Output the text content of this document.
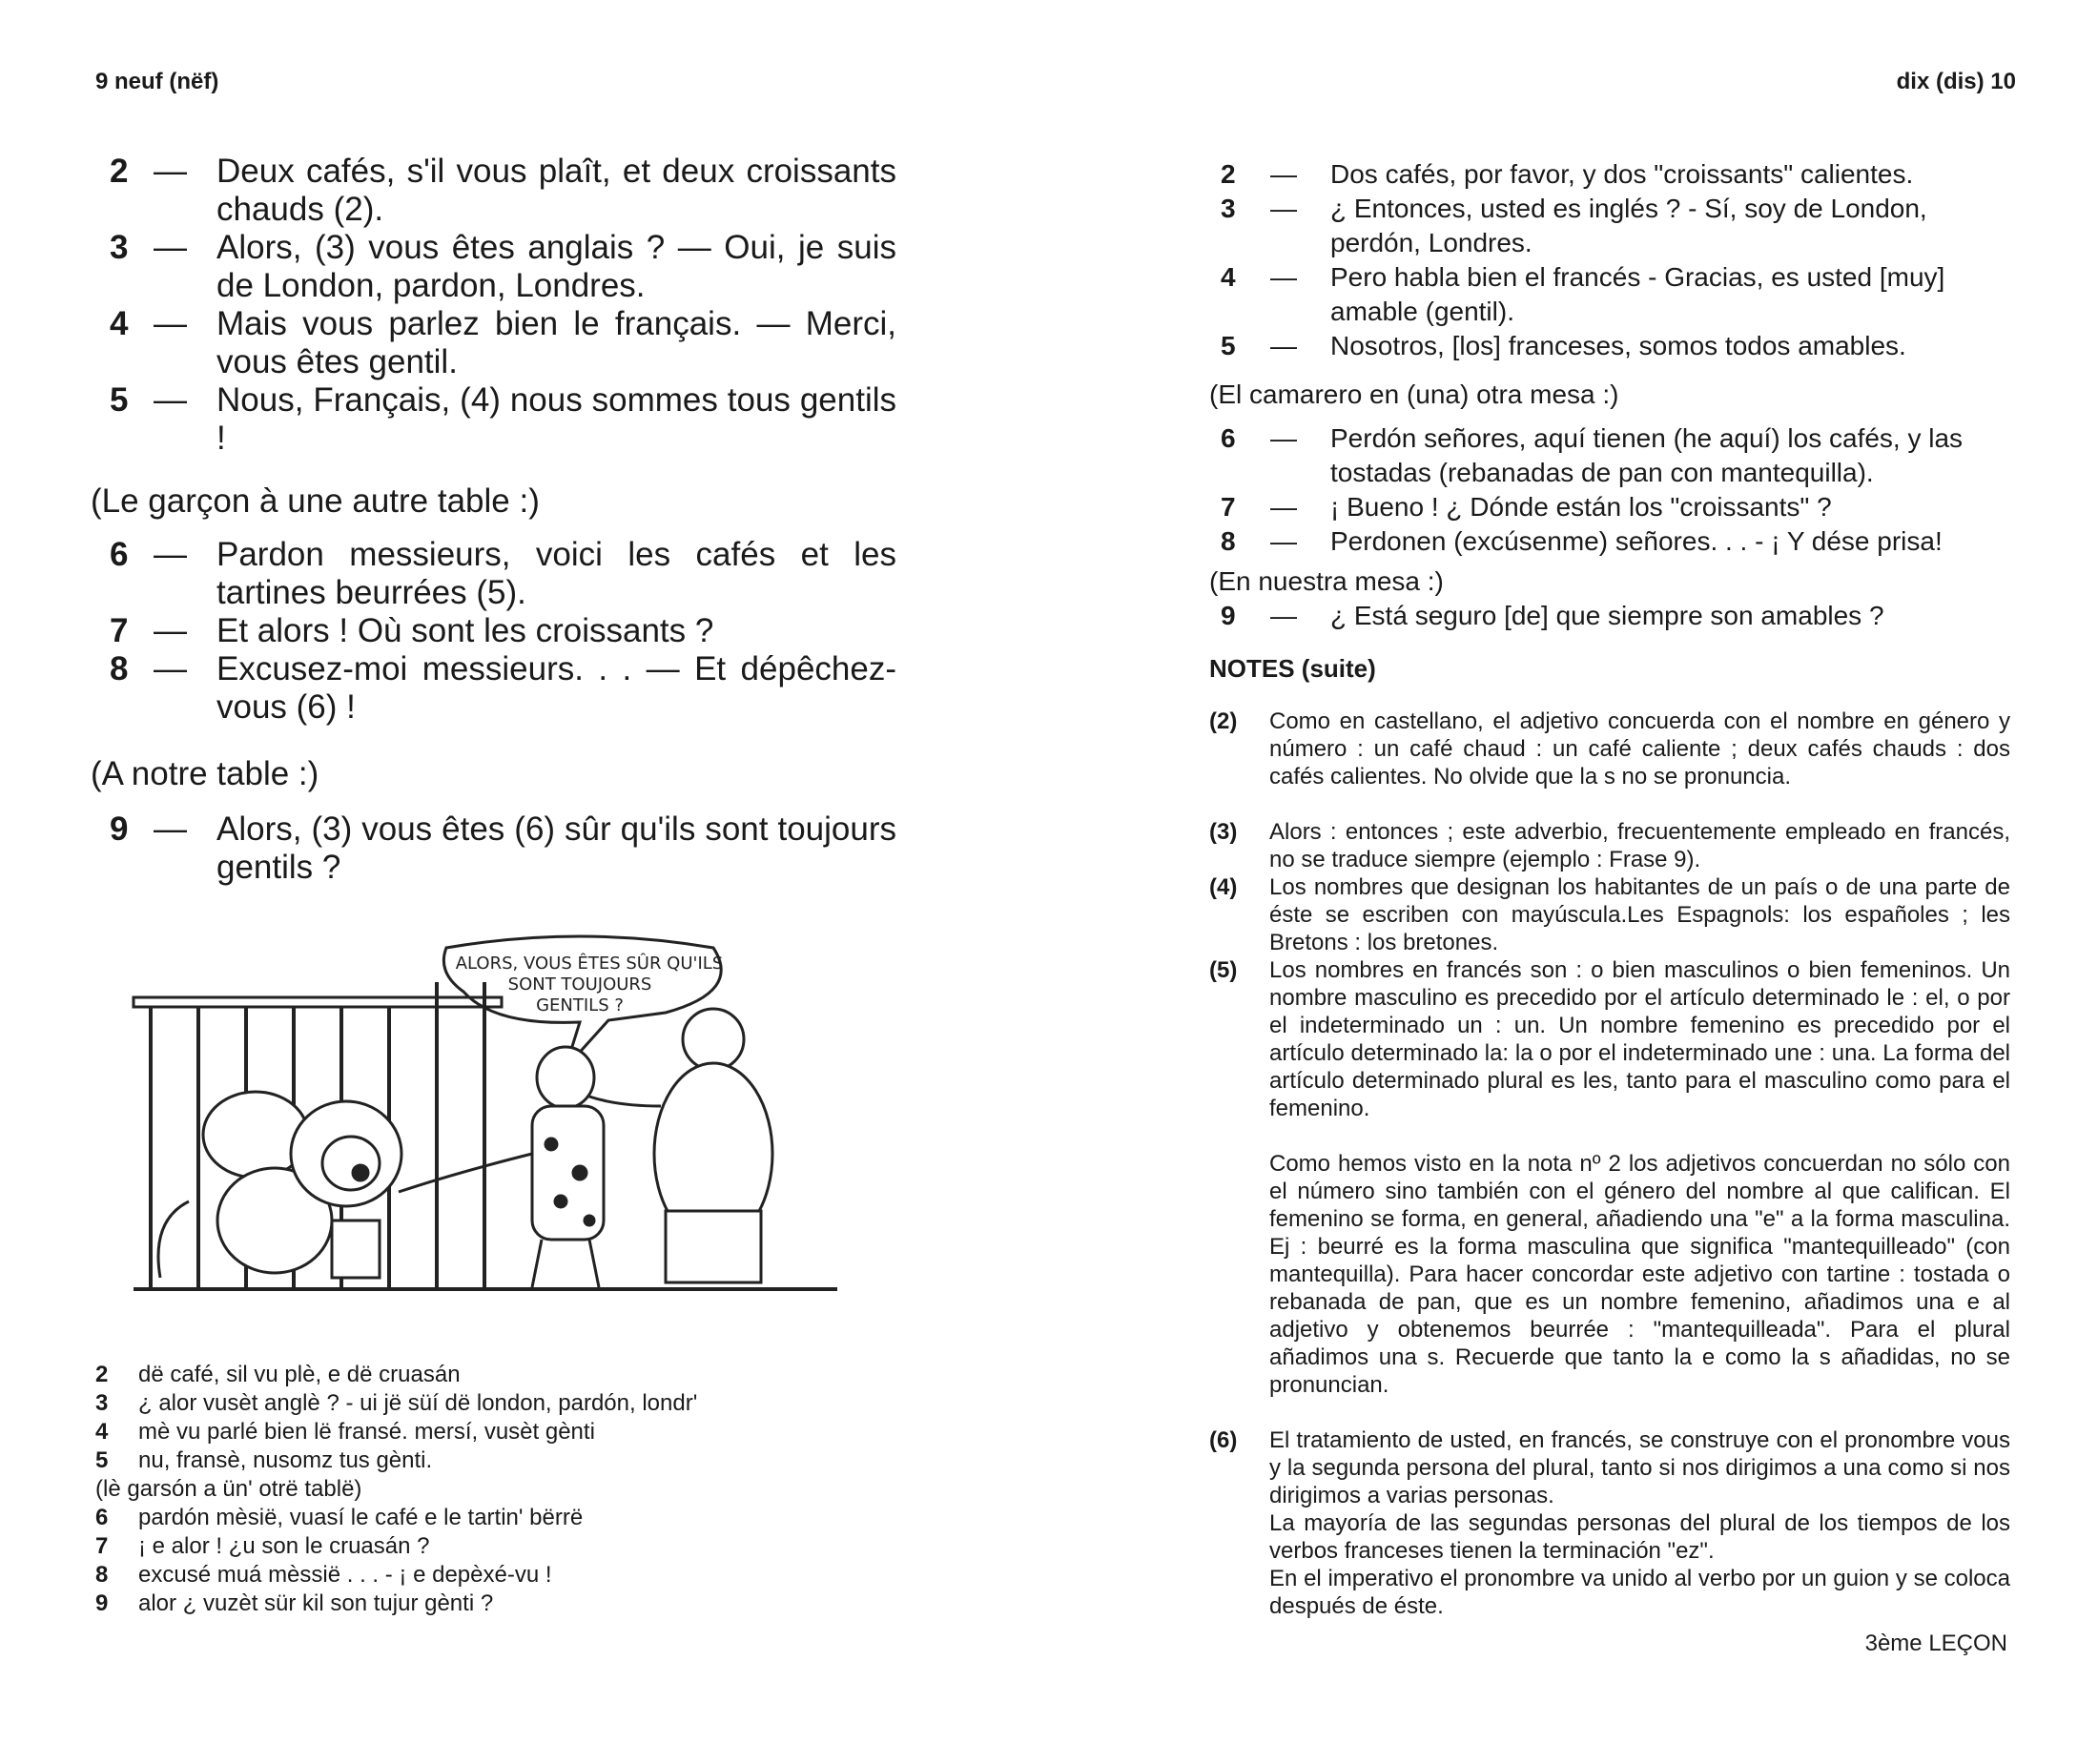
9 neuf (nëf)	dix (dis) 10
2 — Deux cafés, s'il vous plaît, et deux croissants chauds (2).
3 — Alors, (3) vous êtes anglais ? — Oui, je suis de London, pardon, Londres.
4 — Mais vous parlez bien le français. — Merci, vous êtes gentil.
5 — Nous, Français, (4) nous sommes tous gentils !
(Le garçon à une autre table :)
6 — Pardon messieurs, voici les cafés et les tartines beurrées (5).
7 — Et alors ! Où sont les croissants ?
8 — Excusez-moi messieurs. . . — Et dépêchez-vous (6) !
(A notre table :)
9 — Alors, (3) vous êtes (6) sûr qu'ils sont toujours gentils ?
ALORS, VOUS ÊTES SÛR QU'ILS
SONT TOUJOURS
GENTILS ?
2 dë café, sil vu plè, e dë cruasán
3 ¿ alor vusèt anglè ? - ui jë süí dë london, pardón, londr'
4 mè vu parlé bien lë fransé. mersí, vusèt gènti
5 nu, fransè, nusomz tus gènti.
(lè garsón a ün' otrë tablë)
6 pardón mèsië, vuasí le café e le tartin' bërrë
7 ¡ e alor ! ¿u son le cruasán ?
8 excusé muá mèssië . . . - ¡ e depèxé-vu !
9 alor ¿ vuzèt sür kil son tujur gènti ?
2 — Dos cafés, por favor, y dos "croissants" calientes.
3 — ¿ Entonces, usted es inglés ? - Sí, soy de London, perdón, Londres.
4 — Pero habla bien el francés - Gracias, es usted [muy] amable (gentil).
5 — Nosotros, [los] franceses, somos todos amables.
(El camarero en (una) otra mesa :)
6 — Perdón señores, aquí tienen (he aquí) los cafés, y las tostadas (rebanadas de pan con mantequilla).
7 — ¡ Bueno ! ¿ Dónde están los "croissants" ?
8 — Perdonen (excúsenme) señores. . . - ¡ Y dése prisa!
(En nuestra mesa :)
9 — ¿ Está seguro [de] que siempre son amables ?
NOTES (suite)
(2) Como en castellano, el adjetivo concuerda con el nombre en género y número : un café chaud : un café caliente ; deux cafés chauds : dos cafés calientes. No olvide que la s no se pronuncia.
(3) Alors : entonces ; este adverbio, frecuentemente empleado en francés, no se traduce siempre (ejemplo : Frase 9).
(4) Los nombres que designan los habitantes de un país o de una parte de éste se escriben con mayúscula.Les Espagnols: los españoles ; les Bretons : los bretones.
(5) Los nombres en francés son : o bien masculinos o bien femeninos. Un nombre masculino es precedido por el artículo determinado le : el, o por el indeterminado un : un. Un nombre femenino es precedido por el artículo determinado la: la o por el indeterminado une : una. La forma del artículo determinado plural es les, tanto para el masculino como para el femenino.
Como hemos visto en la nota nº 2 los adjetivos concuerdan no sólo con el número sino también con el género del nombre al que califican. El femenino se forma, en general, añadiendo una "e" a la forma masculina. Ej : beurré es la forma masculina que significa "mantequilleado" (con mantequilla). Para hacer concordar este adjetivo con tartine : tostada o rebanada de pan, que es un nombre femenino, añadimos una e al adjetivo y obtenemos beurrée : "mantequilleada". Para el plural añadimos una s. Recuerde que tanto la e como la s añadidas, no se pronuncian.
(6) El tratamiento de usted, en francés, se construye con el pronombre vous y la segunda persona del plural, tanto si nos dirigimos a una como si nos dirigimos a varias personas.
La mayoría de las segundas personas del plural de los tiempos de los verbos franceses tienen la terminación "ez".
En el imperativo el pronombre va unido al verbo por un guion y se coloca después de éste.
3ème LEÇON
